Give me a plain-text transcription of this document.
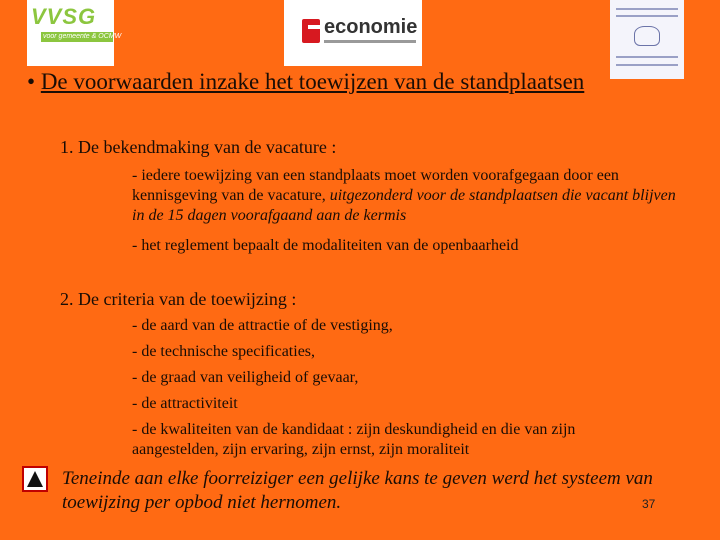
VVSG
voor gemeente & OCMW	economie
• De voorwaarden inzake het toewijzen van de standplaatsen
1. De bekendmaking van de vacature :

- iedere toewijzing van een standplaats moet worden voorafgegaan door een kennisgeving van de vacature, uitgezonderd voor de standplaatsen die vacant blijven in de 15 dagen voorafgaand aan de kermis

- het reglement bepaalt de modaliteiten van de openbaarheid

2. De criteria van de toewijzing :

- de aard van de attractie of de vestiging,

- de technische specificaties,

- de graad van veiligheid of gevaar,

- de attractiviteit

- de kwaliteiten van de kandidaat : zijn deskundigheid en die van zijn aangestelden, zijn ervaring, zijn ernst, zijn moraliteit

Teneinde aan elke foorreiziger een gelijke kans te geven werd het systeem van toewijzing per opbod niet hernomen.	37
